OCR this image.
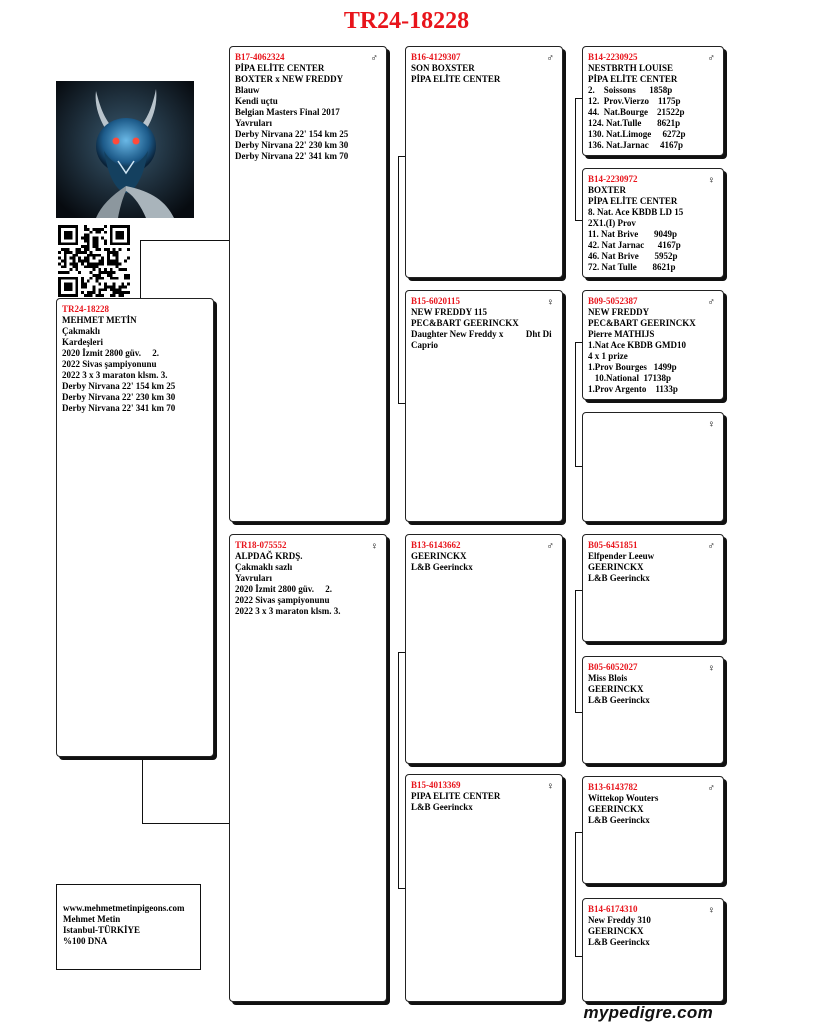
TR24-18228
TR24-18228
MEHMET METİN
Çakmaklı
Kardeşleri
2020 İzmit 2800 güv.     2.
2022 Sivas şampiyonunu
2022 3 x 3 maraton klsm. 3.
Derby Nirvana 22' 154 km 25
Derby Nirvana 22' 230 km 30
Derby Nirvana 22' 341 km 70
♂
B17-4062324
PİPA ELİTE CENTER
BOXTER x NEW FREDDY
Blauw
Kendi uçtu
Belgian Masters Final 2017
Yavruları
Derby Nirvana 22' 154 km 25
Derby Nirvana 22' 230 km 30
Derby Nirvana 22' 341 km 70
♀
TR18-075552
ALPDAĞ KRDŞ.
Çakmaklı sazlı
Yavruları
2020 İzmit 2800 güv.     2.
2022 Sivas şampiyonunu
2022 3 x 3 maraton klsm. 3.
♂
B16-4129307
SON BOXSTER
PİPA ELİTE CENTER
♀
B15-6020115
NEW FREDDY 115
PEC&BART GEERINCKX
Daughter New Freddy x          Dht Di
Caprio
♂
B13-6143662
GEERINCKX
L&B Geerinckx
♀
B15-4013369
PIPA ELITE CENTER
L&B Geerinckx
♂
B14-2230925
NESTBRTH LOUISE
PİPA ELİTE CENTER
2.    Soissons      1858p
12.  Prov.Vierzo    1175p
44.  Nat.Bourge    21522p
124. Nat.Tulle       8621p
130. Nat.Limoge     6272p
136. Nat.Jarnac     4167p
♀
B14-2230972
BOXTER
PİPA ELİTE CENTER
8. Nat. Ace KBDB LD 15
2X1.(I) Prov
11. Nat Brive       9049p
42. Nat Jarnac      4167p
46. Nat Brive       5952p
72. Nat Tulle       8621p
♂
B09-5052387
NEW FREDDY
PEC&BART GEERINCKX
Pierre MATHIJS
1.Nat Ace KBDB GMD10
4 x 1 prize
1.Prov Bourges   1499p
10.National  17138p
1.Prov Argento    1133p
♀
♂
B05-6451851
Elfpender Leeuw
GEERINCKX
L&B Geerinckx
♀
B05-6052027
Miss Blois
GEERINCKX
L&B Geerinckx
♂
B13-6143782
Wittekop Wouters
GEERINCKX
L&B Geerinckx
♀
B14-6174310
New Freddy 310
GEERINCKX
L&B Geerinckx
www.mehmetmetinpigeons.com
Mehmet Metin
Istanbul-TÜRKİYE
%100 DNA
mypedigre.com
